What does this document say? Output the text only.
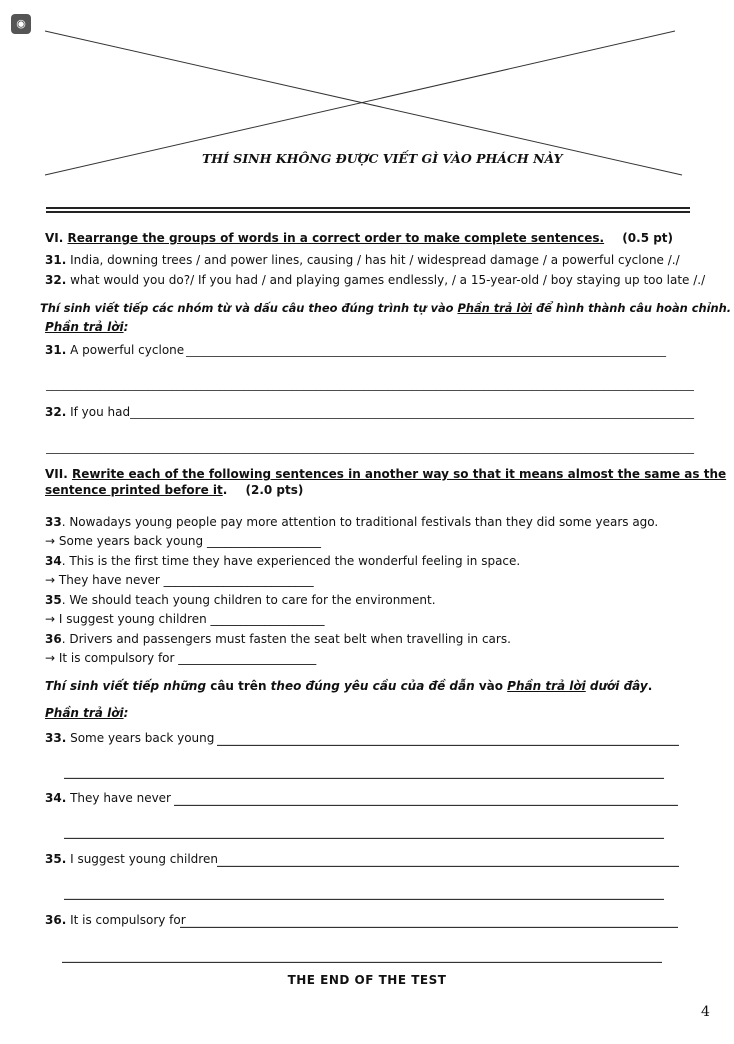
◉
THÍ SINH KHÔNG ĐƯỢC VIẾT GÌ VÀO PHÁCH NÀY
VI. Rearrange the groups of words in a correct order to make complete sentences. (0.5 pt)
31. India, downing trees / and power lines, causing / has hit / widespread damage / a powerful cyclone /./
32. what would you do?/ If you had / and playing games endlessly, / a 15-year-old / boy staying up too late /./
Thí sinh viết tiếp các nhóm từ và dấu câu theo đúng trình tự vào Phần trả lời để hình thành câu hoàn chỉnh.
Phần trả lời:
31. A powerful cyclone ________________________________________________________________________________
____________________________________________________________________________________________________________
32. If you had ______________________________________________________________________________________________
____________________________________________________________________________________________________________
VII. Rewrite each of the following sentences in another way so that it means almost the same as the
sentence printed before it. (2.0 pts)
33. Nowadays young people pay more attention to traditional festivals than they did some years ago.
→ Some years back young ___________________
34. This is the first time they have experienced the wonderful feeling in space.
→ They have never _________________________
35. We should teach young children to care for the environment.
→ I suggest young children ___________________
36. Drivers and passengers must fasten the seat belt when travelling in cars.
→ It is compulsory for _______________________
Thí sinh viết tiếp những câu trên theo đúng yêu cầu của đề dẫn vào Phần trả lời dưới đây.
Phần trả lời:
33. Some years back young _____________________________________________________________________________
____________________________________________________________________________________________________
34. They have never ____________________________________________________________________________________
____________________________________________________________________________________________________
35. I suggest young children _____________________________________________________________________________
____________________________________________________________________________________________________
36. It is compulsory for
___________________________________________________________________________________
____________________________________________________________________________________________________
THE END OF THE TEST
4
